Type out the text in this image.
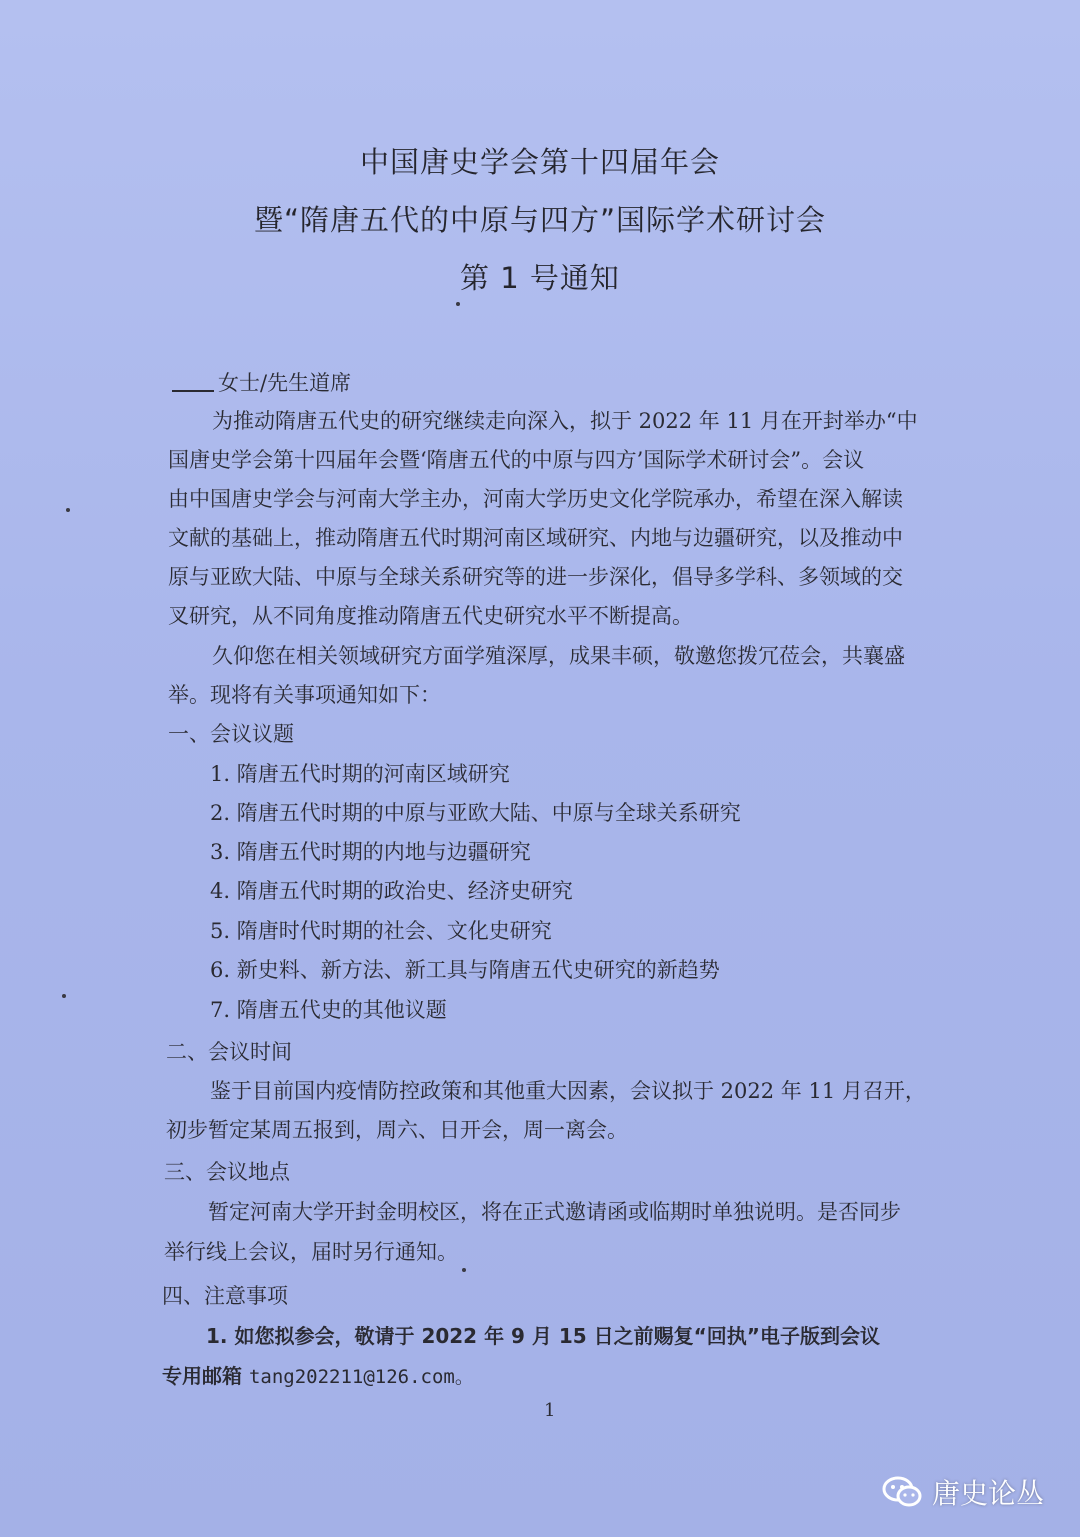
中国唐史学会第十四届年会
暨“隋唐五代的中原与四方”国际学术研讨会
第 1 号通知
女士/先生道席
为推动隋唐五代史的研究继续走向深入，拟于 2022 年 11 月在开封举办“中
国唐史学会第十四届年会暨‘隋唐五代的中原与四方’国际学术研讨会”。会议
由中国唐史学会与河南大学主办，河南大学历史文化学院承办，希望在深入解读
文献的基础上，推动隋唐五代时期河南区域研究、内地与边疆研究，以及推动中
原与亚欧大陆、中原与全球关系研究等的进一步深化，倡导多学科、多领域的交
叉研究，从不同角度推动隋唐五代史研究水平不断提高。
久仰您在相关领域研究方面学殖深厚，成果丰硕，敬邀您拨冗莅会，共襄盛
举。现将有关事项通知如下：
一、会议议题
1. 隋唐五代时期的河南区域研究
2. 隋唐五代时期的中原与亚欧大陆、中原与全球关系研究
3. 隋唐五代时期的内地与边疆研究
4. 隋唐五代时期的政治史、经济史研究
5. 隋唐时代时期的社会、文化史研究
6. 新史料、新方法、新工具与隋唐五代史研究的新趋势
7. 隋唐五代史的其他议题
二、会议时间
鉴于目前国内疫情防控政策和其他重大因素，会议拟于 2022 年 11 月召开，
初步暂定某周五报到，周六、日开会，周一离会。
三、会议地点
暂定河南大学开封金明校区，将在正式邀请函或临期时单独说明。是否同步
举行线上会议，届时另行通知。
四、注意事项
1. 如您拟参会，敬请于 2022 年 9 月 15 日之前赐复“回执”电子版到会议
专用邮箱 tang202211@126.com。
1
唐史论丛
